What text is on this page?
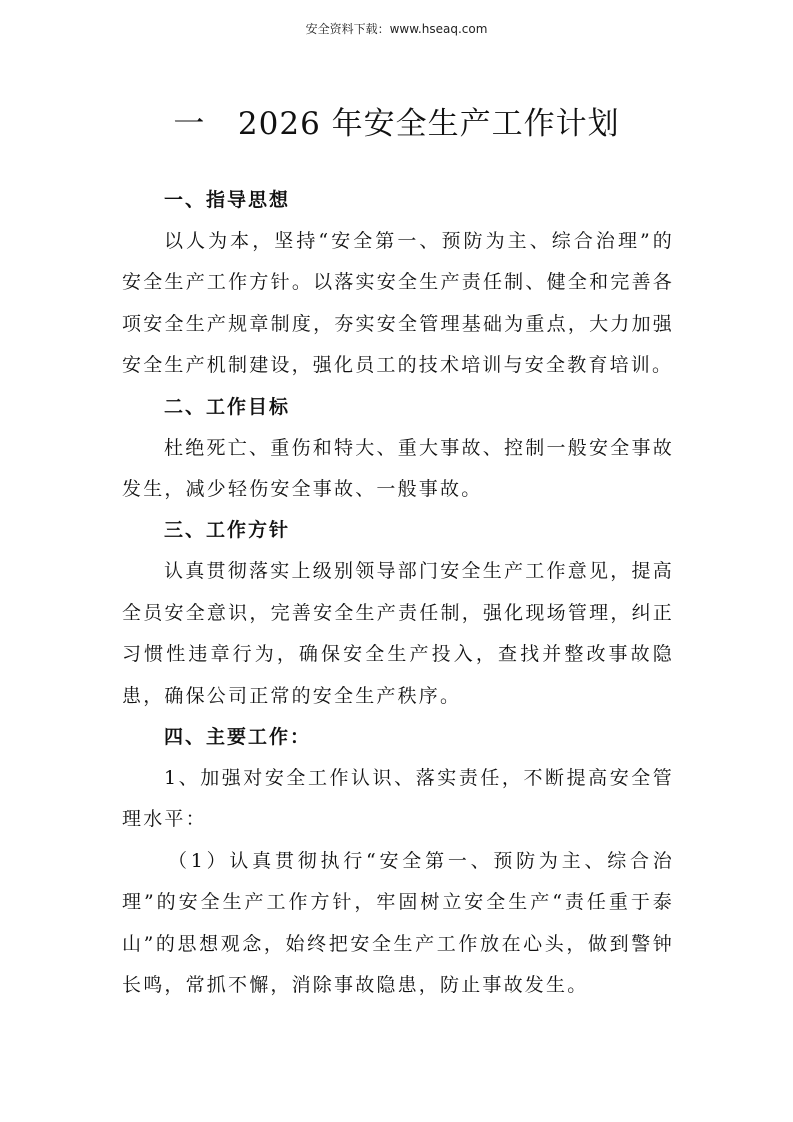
安全资料下载：www.hseaq.com
一   2026 年安全生产工作计划
一、指导思想
以人为本，坚持“安全第一、预防为主、综合治理”的安全生产工作方针。以落实安全生产责任制、健全和完善各项安全生产规章制度，夯实安全管理基础为重点，大力加强安全生产机制建设，强化员工的技术培训与安全教育培训。
二、工作目标
杜绝死亡、重伤和特大、重大事故、控制一般安全事故发生，减少轻伤安全事故、一般事故。
三、工作方针
认真贯彻落实上级别领导部门安全生产工作意见，提高全员安全意识，完善安全生产责任制，强化现场管理，纠正习惯性违章行为，确保安全生产投入，查找并整改事故隐患，确保公司正常的安全生产秩序。
四、主要工作：
1、加强对安全工作认识、落实责任，不断提高安全管理水平：
（1）认真贯彻执行“安全第一、预防为主、综合治理”的安全生产工作方针，牢固树立安全生产“责任重于泰山”的思想观念，始终把安全生产工作放在心头，做到警钟长鸣，常抓不懈，消除事故隐患，防止事故发生。
